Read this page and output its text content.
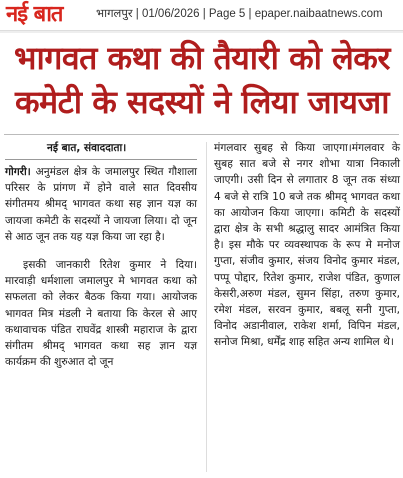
नई बात	भागलपुर | 01/06/2026 | Page 5 | epaper.naibaatnews.com
भागवत कथा की तैयारी को लेकर
कमेटी के सदस्यों ने लिया जायजा
नई बात, संवाददाता।

गोगरी। अनुमंडल क्षेत्र के जमालपुर स्थित गौशाला परिसर के प्रांगण में होने वाले सात दिवसीय संगीतमय श्रीमद् भागवत कथा सह ज्ञान यज्ञ का जायजा कमेटी के सदस्यों ने जायजा लिया। दो जून से आठ जून तक यह यज्ञ किया जा रहा है।

इसकी जानकारी रितेश कुमार ने दिया। मारवाड़ी धर्मशाला जमालपुर मे भागवत कथा को सफलता को लेकर बैठक किया गया। आयोजक भागवत मित्र मंडली ने बताया कि केरल से आए कथावाचक पंडित राघवेंद्र शास्त्री महाराज के द्वारा संगीतम श्रीमद् भागवत कथा सह ज्ञान यज्ञ कार्यक्रम की शुरुआत दो जून

मंगलवार सुबह से किया जाएगा।मंगलवार के सुबह सात बजे से नगर शोभा यात्रा निकाली जाएगी। उसी दिन से लगातार 8 जून तक संध्या 4 बजे से रात्रि 10 बजे तक श्रीमद् भागवत कथा का आयोजन किया जाएगा। कमिटी के सदस्यों द्वारा क्षेत्र के सभी श्रद्धालु सादर आमंत्रित किया है। इस मौके पर व्यवस्थापक के रूप मे मनोज गुप्ता, संजीव कुमार, संजय विनोद कुमार मंडल, पप्पू पोद्दार, रितेश कुमार, राजेश पंडित, कुणाल केसरी,अरुण मंडल, सुमन सिंहा, तरुण कुमार, रमेश मंडल, सरवन कुमार, बबलू सनी गुप्ता, विनोद अडानीवाल, राकेश शर्मा, विपिन मंडल, सनोज मिश्रा, धर्मेंद्र शाह सहित अन्य शामिल थे।
